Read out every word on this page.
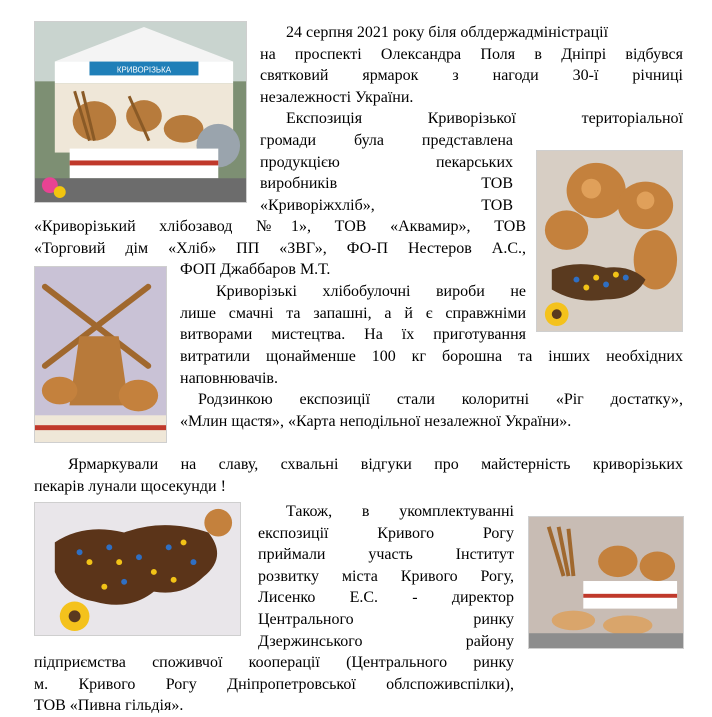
КРИВОРІЗЬКА
24 серпня 2021 року біля облдержадміністрації
на проспекті Олександра Поля в Дніпрі відбувся
святковий ярмарок з нагоди 30-ї річниці
незалежності України.
Експозиція Криворізької територіальної
громади була представлена
продукцією пекарських
виробників ТОВ
«Криворіжхліб», ТОВ
«Криворізький хлібозавод №1», ТОВ «Аквамир», ТОВ
«Торговий дім «Хліб» ПП «ЗВГ», ФО-П Нестеров А.С.,
ФОП Джаббаров М.Т.
Криворізькі хлібобулочні вироби не
лише смачні та запашні, а й є справжніми
витворами мистецтва. На їх приготування
витратили щонайменше 100 кг борошна та інших необхідних
наповнювачів.
Родзинкою експозиції стали колоритні «Ріг достатку»,
«Млин щастя», «Карта неподільної незалежної України».
Ярмаркували на славу, схвальні відгуки про майстерність криворізьких
пекарів лунали щосекунди !
Також, в укомплектуванні
експозиції Кривого Рогу
приймали участь Інститут
розвитку міста Кривого Рогу,
Лисенко Е.С. - директор
Центрального ринку
Дзержинського району
підприємства споживчої кооперації (Центрального ринку
м. Кривого Рогу Дніпропетровської облспоживспілки),
ТОВ «Пивна гільдія».
